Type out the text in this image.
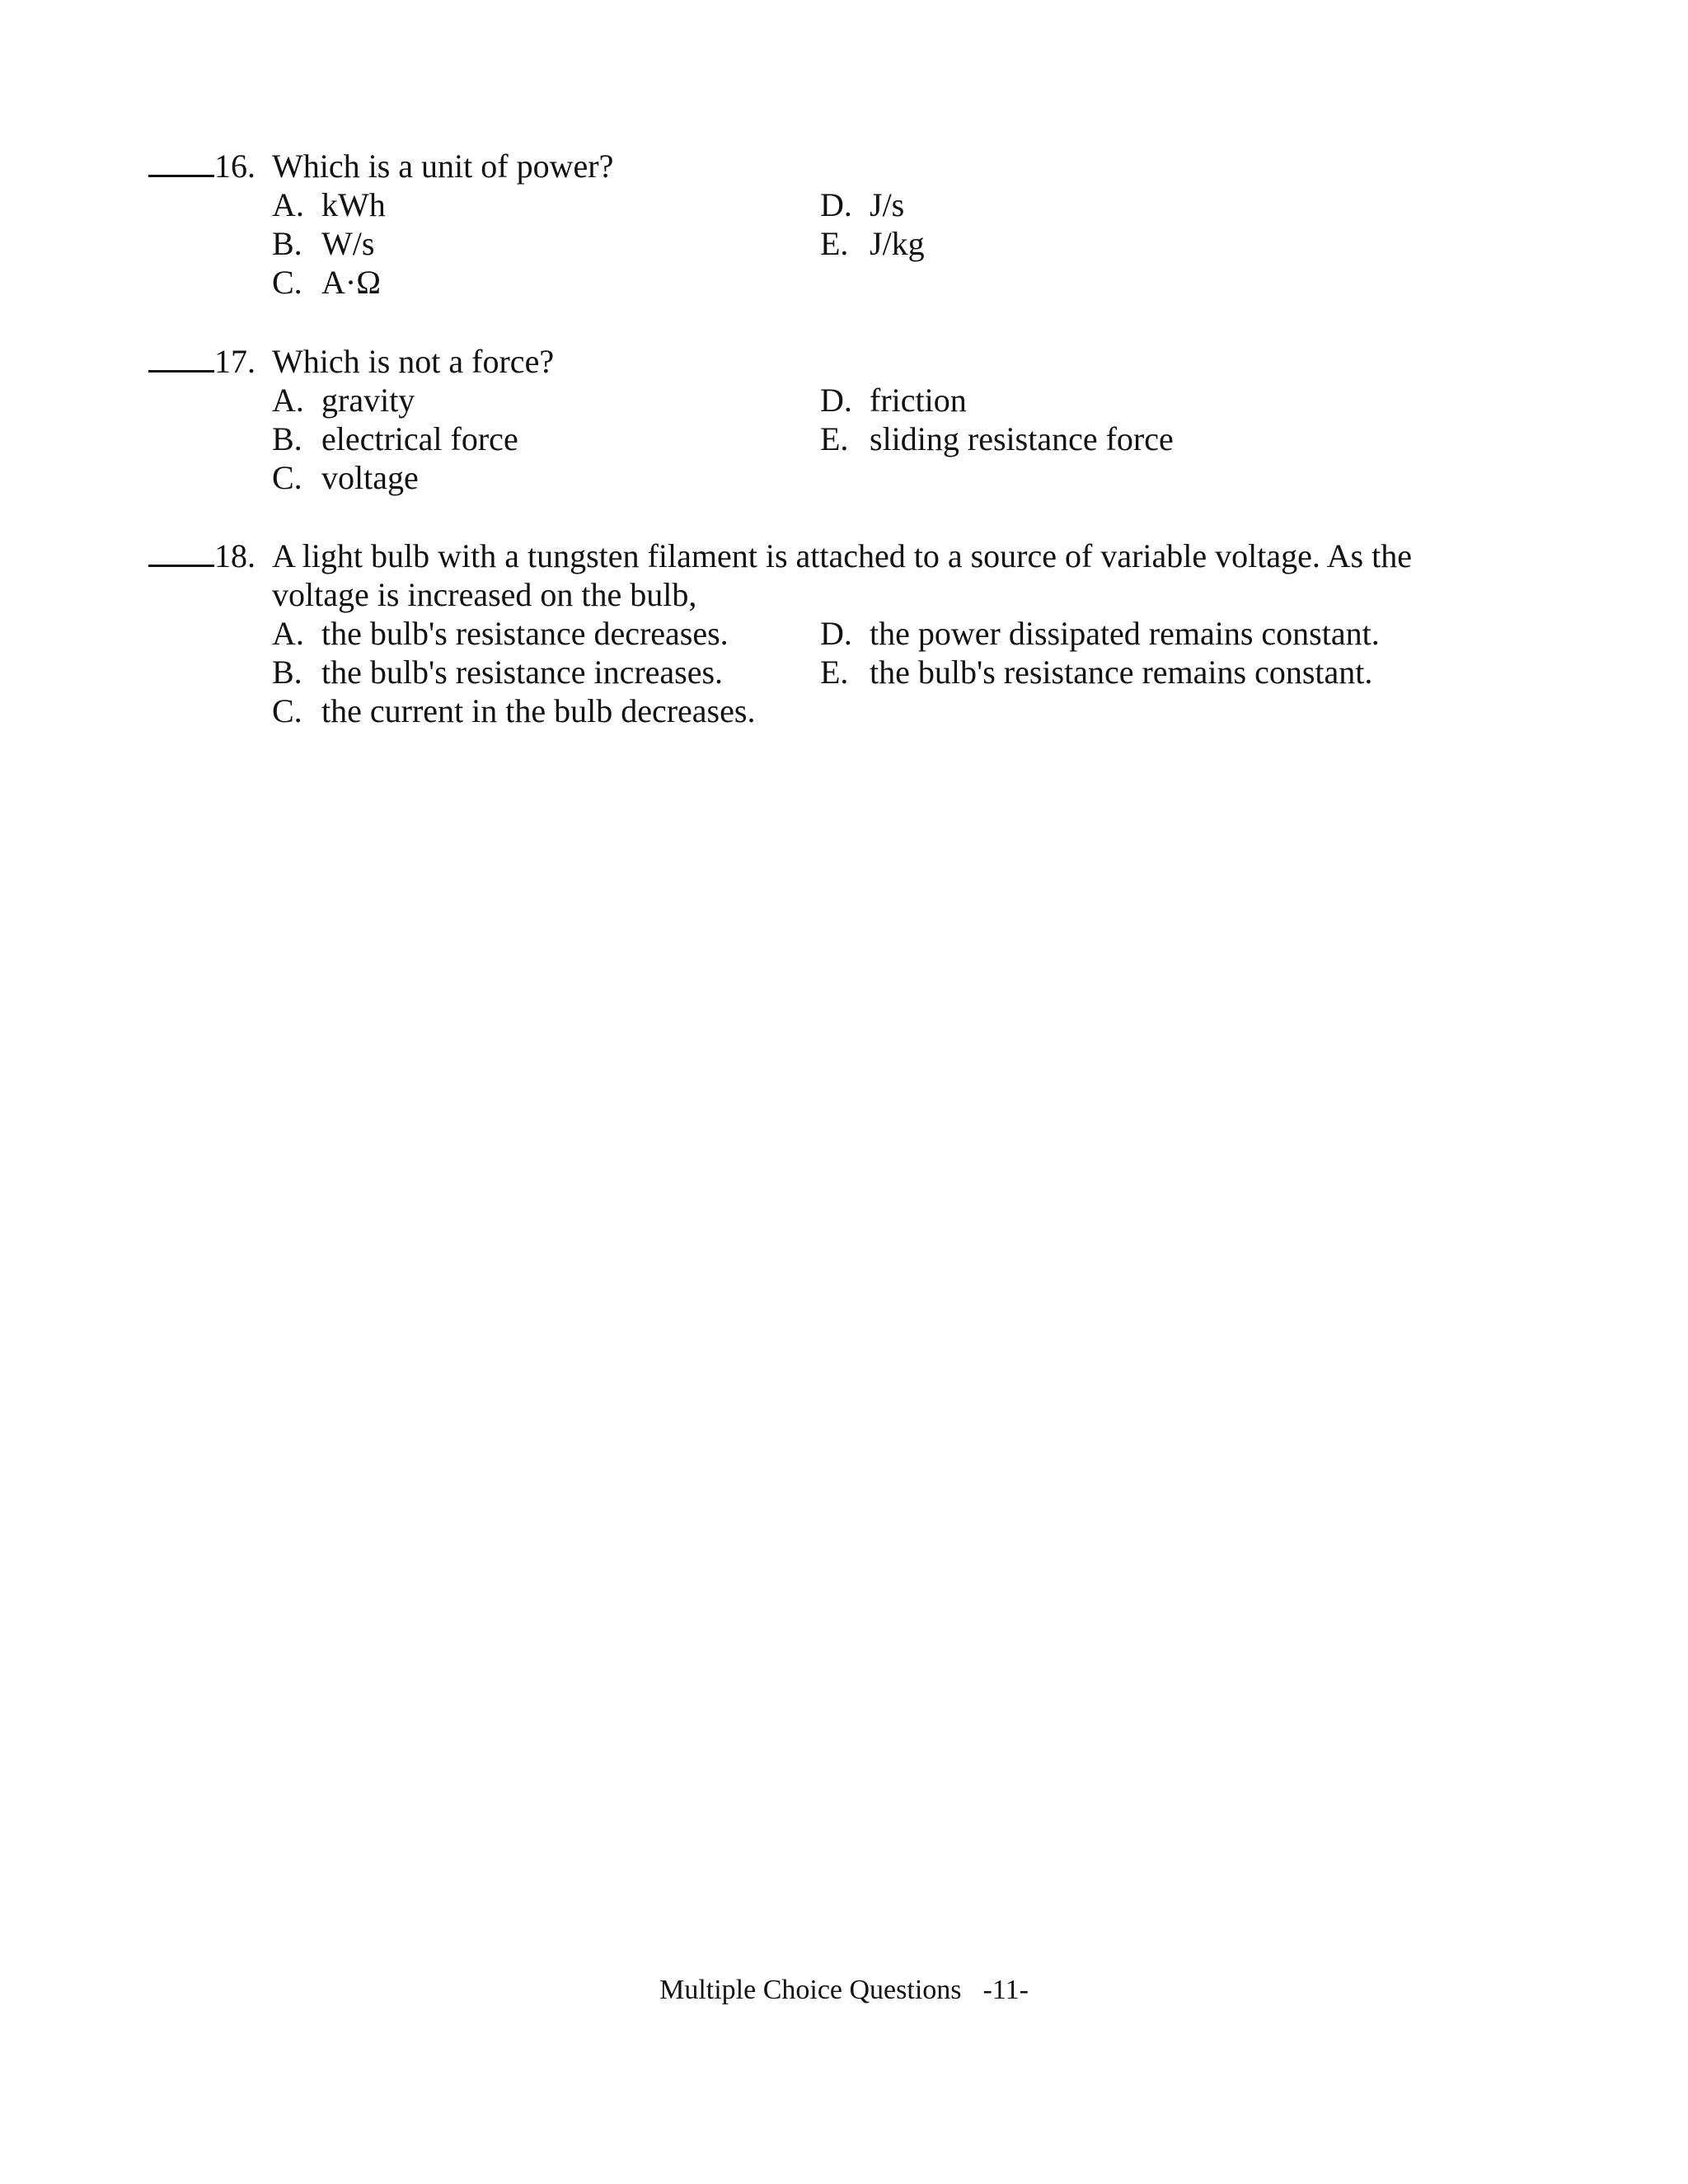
16. Which is a unit of power?
A. kWh
B. W/s
C. A·Ω
D. J/s
E. J/kg
17. Which is not a force?
A. gravity
B. electrical force
C. voltage
D. friction
E. sliding resistance force
18. A light bulb with a tungsten filament is attached to a source of variable voltage. As the voltage is increased on the bulb,
A. the bulb's resistance decreases.
B. the bulb's resistance increases.
C. the current in the bulb decreases.
D. the power dissipated remains constant.
E. the bulb's resistance remains constant.
Multiple Choice Questions -11-
